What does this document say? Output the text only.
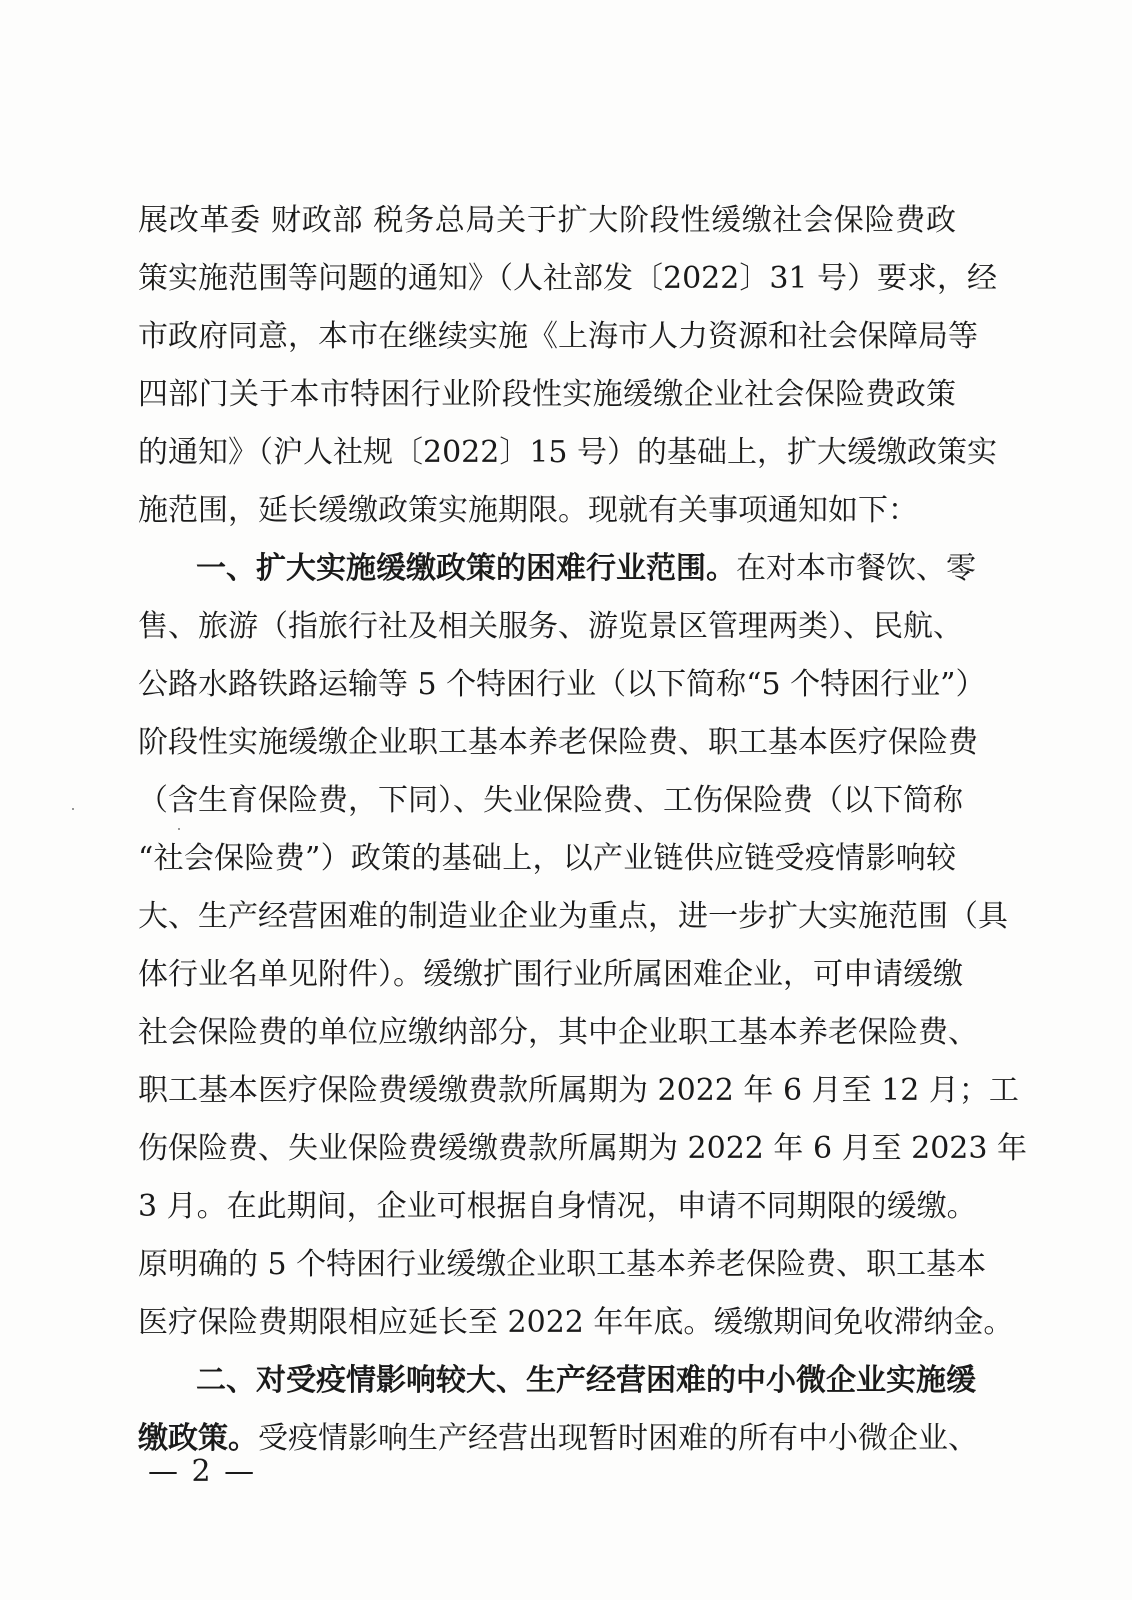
展改革委 财政部 税务总局关于扩大阶段性缓缴社会保险费政
策实施范围等问题的通知》（人社部发〔2022〕31 号）要求，经
市政府同意，本市在继续实施《上海市人力资源和社会保障局等
四部门关于本市特困行业阶段性实施缓缴企业社会保险费政策
的通知》（沪人社规〔2022〕15 号）的基础上，扩大缓缴政策实
施范围，延长缓缴政策实施期限。现就有关事项通知如下：
一、扩大实施缓缴政策的困难行业范围。在对本市餐饮、零
售、旅游（指旅行社及相关服务、游览景区管理两类）、民航、
公路水路铁路运输等 5 个特困行业（以下简称“5 个特困行业”）
阶段性实施缓缴企业职工基本养老保险费、职工基本医疗保险费
（含生育保险费，下同）、失业保险费、工伤保险费（以下简称
“社会保险费”）政策的基础上，以产业链供应链受疫情影响较
大、生产经营困难的制造业企业为重点，进一步扩大实施范围（具
体行业名单见附件）。缓缴扩围行业所属困难企业，可申请缓缴
社会保险费的单位应缴纳部分，其中企业职工基本养老保险费、
职工基本医疗保险费缓缴费款所属期为 2022 年 6 月至 12 月；工
伤保险费、失业保险费缓缴费款所属期为 2022 年 6 月至 2023 年
3 月。在此期间，企业可根据自身情况，申请不同期限的缓缴。
原明确的 5 个特困行业缓缴企业职工基本养老保险费、职工基本
医疗保险费期限相应延长至 2022 年年底。缓缴期间免收滞纳金。
二、对受疫情影响较大、生产经营困难的中小微企业实施缓
缴政策。受疫情影响生产经营出现暂时困难的所有中小微企业、
— 2 —
